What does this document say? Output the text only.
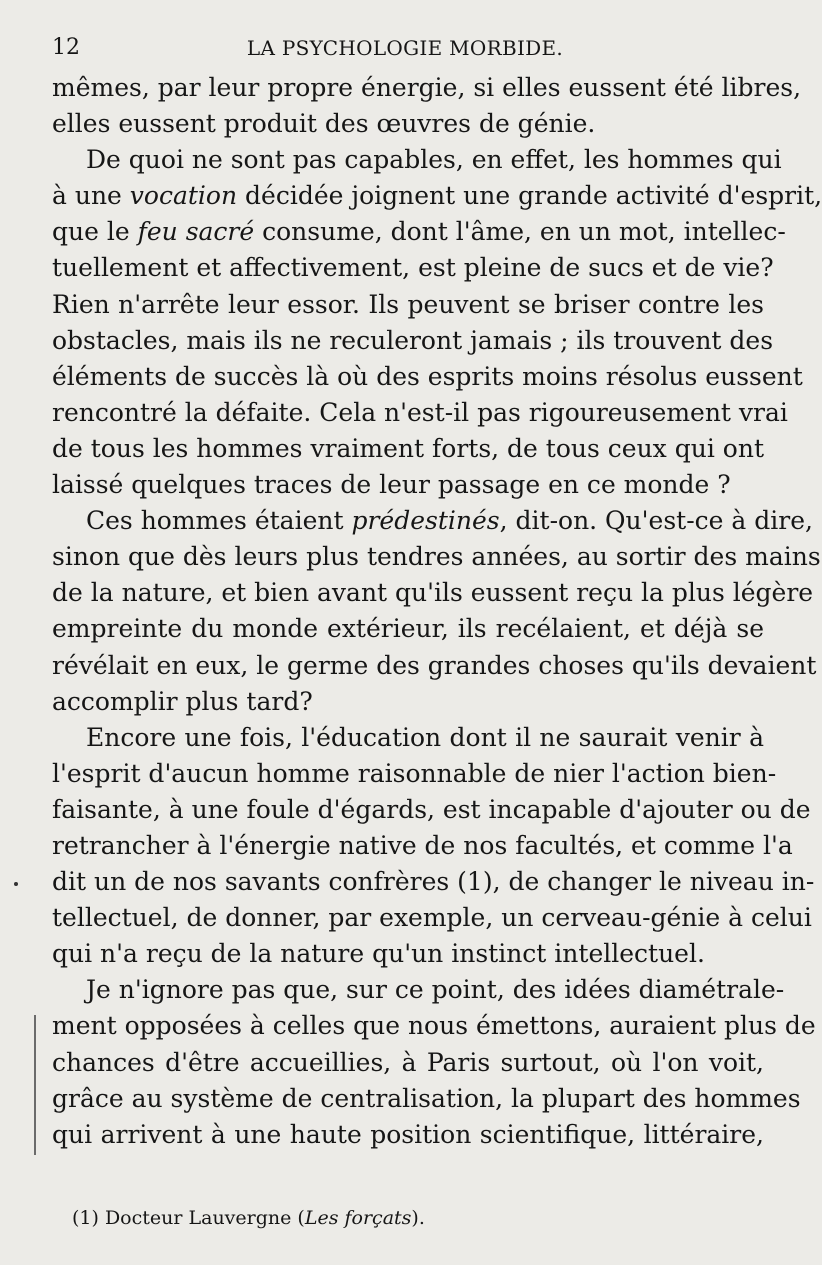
12	LA PSYCHOLOGIE MORBIDE.
mêmes, par leur propre énergie, si elles eussent été libres,
elles eussent produit des œuvres de génie.
De quoi ne sont pas capables, en effet, les hommes qui
à une vocation décidée joignent une grande activité d'esprit,
que le feu sacré consume, dont l'âme, en un mot, intellec-
tuellement et affectivement, est pleine de sucs et de vie?
Rien n'arrête leur essor. Ils peuvent se briser contre les
obstacles, mais ils ne reculeront jamais ; ils trouvent des
éléments de succès là où des esprits moins résolus eussent
rencontré la défaite. Cela n'est-il pas rigoureusement vrai
de tous les hommes vraiment forts, de tous ceux qui ont
laissé quelques traces de leur passage en ce monde ?
Ces hommes étaient prédestinés, dit-on. Qu'est-ce à dire,
sinon que dès leurs plus tendres années, au sortir des mains
de la nature, et bien avant qu'ils eussent reçu la plus légère
empreinte du monde extérieur, ils recélaient, et déjà se
révélait en eux, le germe des grandes choses qu'ils devaient
accomplir plus tard?
Encore une fois, l'éducation dont il ne saurait venir à
l'esprit d'aucun homme raisonnable de nier l'action bien-
faisante, à une foule d'égards, est incapable d'ajouter ou de
retrancher à l'énergie native de nos facultés, et comme l'a
dit un de nos savants confrères (1), de changer le niveau in-
tellectuel, de donner, par exemple, un cerveau-génie à celui
qui n'a reçu de la nature qu'un instinct intellectuel.
Je n'ignore pas que, sur ce point, des idées diamétrale-
ment opposées à celles que nous émettons, auraient plus de
chances d'être accueillies, à Paris surtout, où l'on voit,
grâce au système de centralisation, la plupart des hommes
qui arrivent à une haute position scientifique, littéraire,
(1) Docteur Lauvergne (Les forçats).
